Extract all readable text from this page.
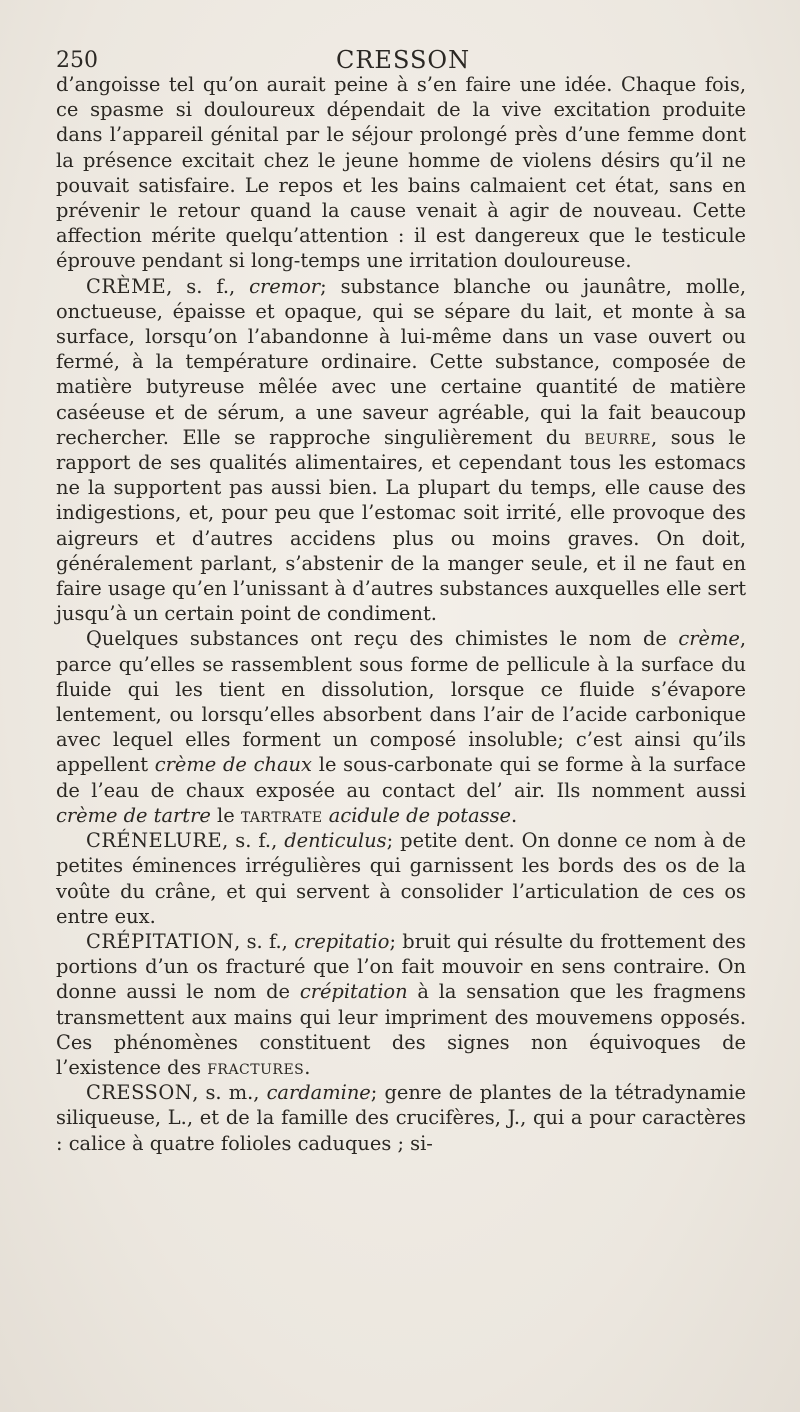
250	CRESSON

d’angoisse tel qu’on aurait peine à s’en faire une idée. Chaque fois, ce spasme si douloureux dépendait de la vive excitation produite dans l’appareil génital par le séjour prolongé près d’une femme dont la présence excitait chez le jeune homme de violens désirs qu’il ne pouvait satisfaire. Le repos et les bains calmaient cet état, sans en prévenir le retour quand la cause venait à agir de nouveau. Cette affection mérite quelqu’attention : il est dangereux que le testicule éprouve pendant si long-temps une irritation douloureuse.

CRÈME, s. f., cremor; substance blanche ou jaunâtre, molle, onctueuse, épaisse et opaque, qui se sépare du lait, et monte à sa surface, lorsqu’on l’abandonne à lui-même dans un vase ouvert ou fermé, à la température ordinaire. Cette substance, composée de matière butyreuse mêlée avec une certaine quantité de matière caséeuse et de sérum, a une saveur agréable, qui la fait beaucoup rechercher. Elle se rapproche singulièrement du beurre, sous le rapport de ses qualités alimentaires, et cependant tous les estomacs ne la supportent pas aussi bien. La plupart du temps, elle cause des indigestions, et, pour peu que l’estomac soit irrité, elle provoque des aigreurs et d’autres accidens plus ou moins graves. On doit, généralement parlant, s’abstenir de la manger seule, et il ne faut en faire usage qu’en l’unissant à d’autres substances auxquelles elle sert jusqu’à un certain point de condiment.

Quelques substances ont reçu des chimistes le nom de crème, parce qu’elles se rassemblent sous forme de pellicule à la surface du fluide qui les tient en dissolution, lorsque ce fluide s’évapore lentement, ou lorsqu’elles absorbent dans l’air de l’acide carbonique avec lequel elles forment un composé insoluble; c’est ainsi qu’ils appellent crème de chaux le sous-carbonate qui se forme à la surface de l’eau de chaux exposée au contact del’ air. Ils nomment aussi crème de tartre le tartrate acidule de potasse.

CRÉNELURE, s. f., denticulus; petite dent. On donne ce nom à de petites éminences irrégulières qui garnissent les bords des os de la voûte du crâne, et qui servent à consolider l’articulation de ces os entre eux.

CRÉPITATION, s. f., crepitatio; bruit qui résulte du frottement des portions d’un os fracturé que l’on fait mouvoir en sens contraire. On donne aussi le nom de crépitation à la sensation que les fragmens transmettent aux mains qui leur impriment des mouvemens opposés. Ces phénomènes constituent des signes non équivoques de l’existence des fractures.

CRESSON, s. m., cardamine; genre de plantes de la tétradynamie siliqueuse, L., et de la famille des crucifères, J., qui a pour caractères : calice à quatre folioles caduques ; si-
